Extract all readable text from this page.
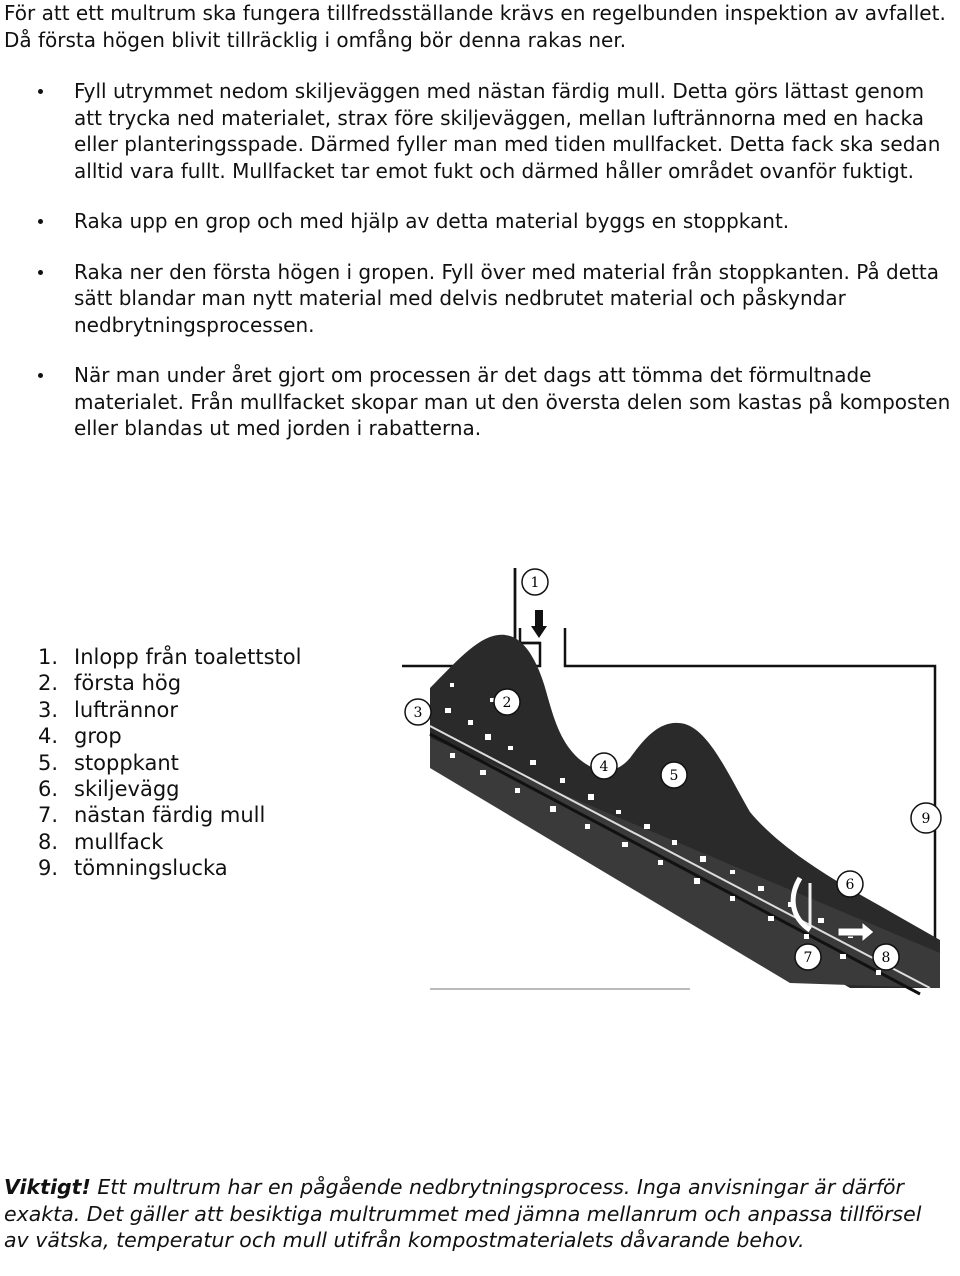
För att ett multrum ska fungera tillfredsställande krävs en regelbunden inspektion av avfallet. Då första högen blivit tillräcklig i omfång bör denna rakas ner.

Fyll utrymmet nedom skiljeväggen med nästan färdig mull. Detta görs lättast genom att trycka ned materialet, strax före skiljeväggen, mellan luftrännorna med en hacka eller planteringsspade. Därmed fyller man med tiden mullfacket. Detta fack ska sedan alltid vara fullt. Mullfacket tar emot fukt och därmed håller området ovanför fuktigt.
Raka upp en grop och med hjälp av detta material byggs en stoppkant.
Raka ner den första högen i gropen. Fyll över med material från stoppkanten. På detta sätt blandar man nytt material med delvis nedbrutet material och påskyndar nedbrytningsprocessen.
När man under året gjort om processen är det dags att tömma det förmultnade materialet. Från mullfacket skopar man ut den översta delen som kastas på komposten eller blandas ut med jorden i rabatterna.
1. Inlopp från toalettstol
2. första hög
3. luftrännor
4. grop
5. stoppkant
6. skiljevägg
7. nästan färdig mull
8. mullfack
9. tömningslucka
1
2
3
4
5
6
7	8
9

Viktigt! Ett multrum har en pågående nedbrytningsprocess. Inga anvisningar är därför exakta. Det gäller att besiktiga multrummet med jämna mellanrum och anpassa tillförsel av vätska, temperatur och mull utifrån kompostmaterialets dåvarande behov.
